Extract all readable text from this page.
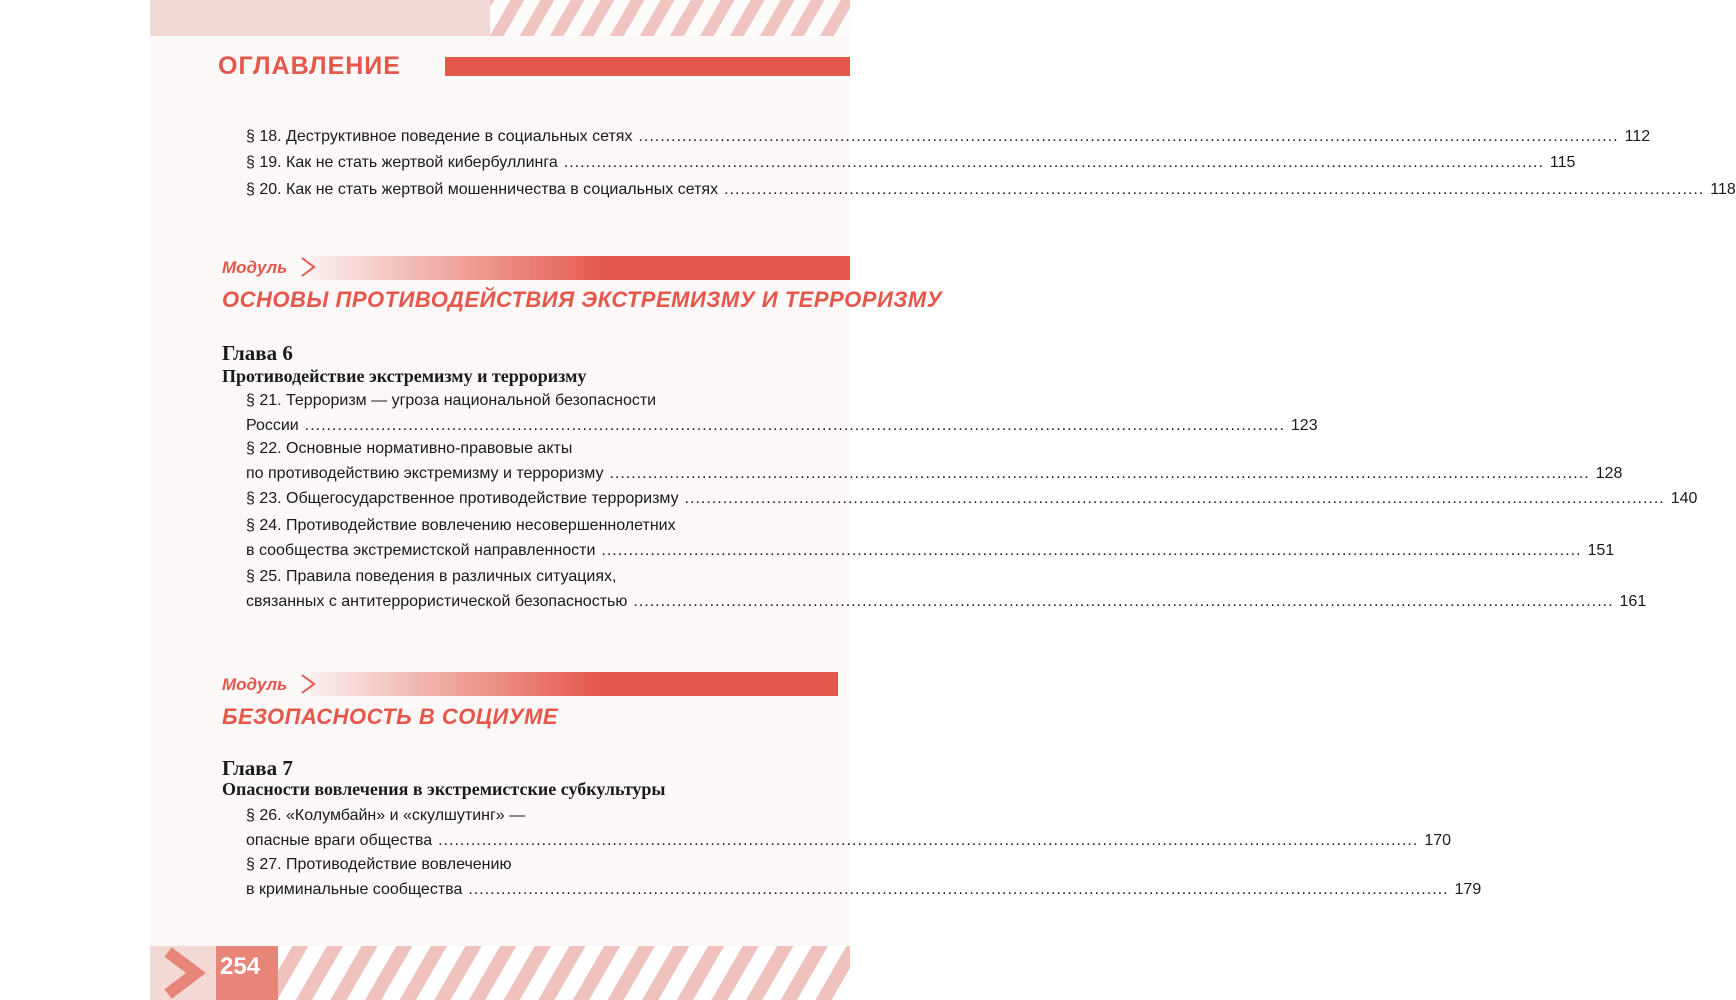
ОГЛАВЛЕНИЕ
§ 18. Деструктивное поведение в социальных сетях .....	112
§ 19. Как не стать жертвой кибербуллинга .....	115
§ 20. Как не стать жертвой мошенничества в социальных сетях .....	118
Модуль
ОСНОВЫ ПРОТИВОДЕЙСТВИЯ ЭКСТРЕМИЗМУ И ТЕРРОРИЗМУ
Глава 6
Противодействие экстремизму и терроризму
§ 21. Терроризм — угроза национальной безопасности
России .....	123
§ 22. Основные нормативно-правовые акты
по противодействию экстремизму и терроризму .....	128
§ 23. Общегосударственное противодействие терроризму .....	140
§ 24. Противодействие вовлечению несовершеннолетних
в сообщества экстремистской направленности .....	151
§ 25. Правила поведения в различных ситуациях,
связанных с антитеррористической безопасностью .....	161
Модуль
БЕЗОПАСНОСТЬ В СОЦИУМЕ
Глава 7
Опасности вовлечения в экстремистские субкультуры
§ 26. «Колумбайн» и «скулшутинг» —
опасные враги общества .....	170
§ 27. Противодействие вовлечению
в криминальные сообщества .....	179
254
